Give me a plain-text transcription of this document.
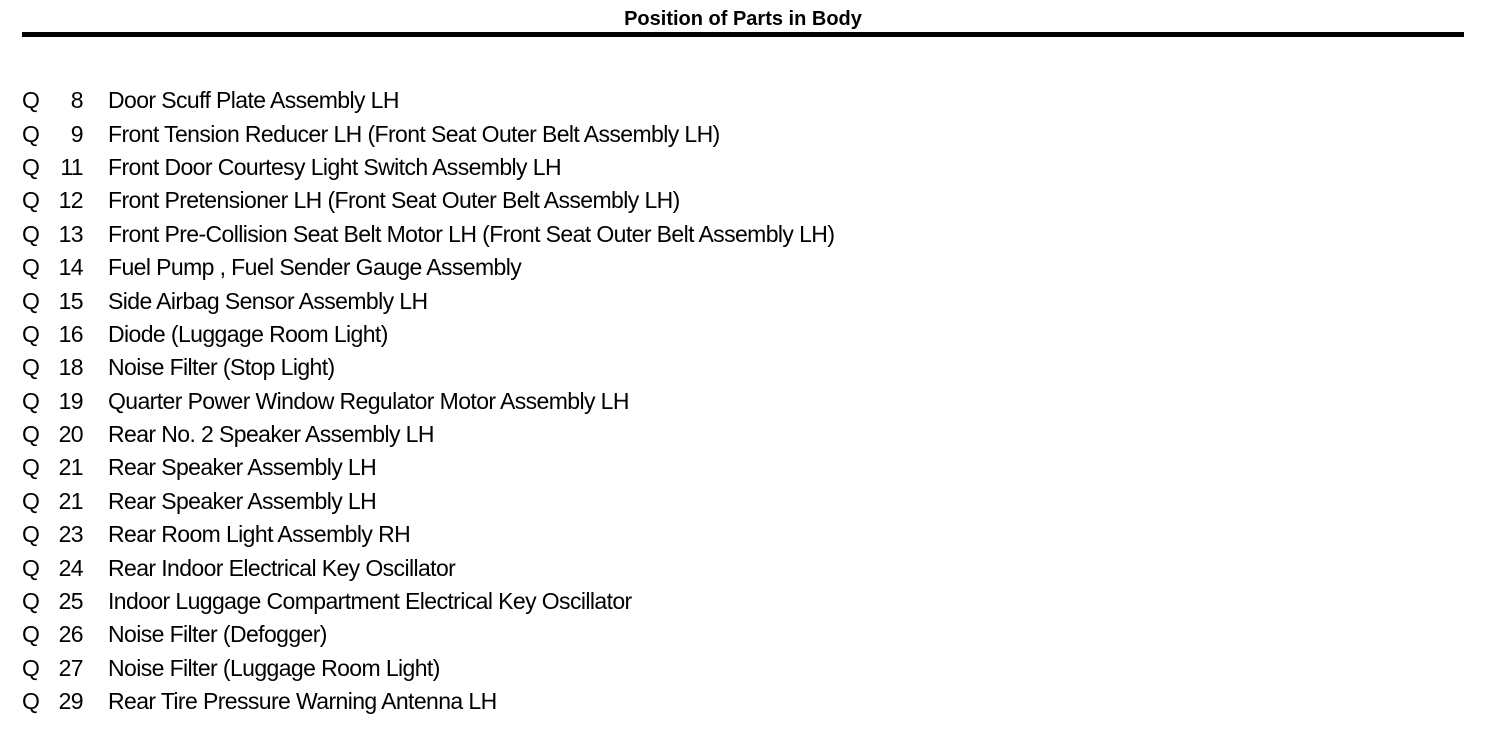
Position of Parts in Body
Q	8 Door Scuff Plate Assembly LH
Q	9 Front Tension Reducer LH (Front Seat Outer Belt Assembly LH)
Q 11 Front Door Courtesy Light Switch Assembly LH
Q 12 Front Pretensioner LH (Front Seat Outer Belt Assembly LH)
Q 13 Front Pre-Collision Seat Belt Motor LH (Front Seat Outer Belt Assembly LH)
Q 14 Fuel Pump , Fuel Sender Gauge Assembly
Q 15 Side Airbag Sensor Assembly LH
Q 16 Diode (Luggage Room Light)
Q 18 Noise Filter (Stop Light)
Q 19 Quarter Power Window Regulator Motor Assembly LH
Q 20 Rear No. 2 Speaker Assembly LH
Q 21 Rear Speaker Assembly LH
Q 21 Rear Speaker Assembly LH
Q 23 Rear Room Light Assembly RH
Q 24 Rear Indoor Electrical Key Oscillator
Q 25 Indoor Luggage Compartment Electrical Key Oscillator
Q 26 Noise Filter (Defogger)
Q 27 Noise Filter (Luggage Room Light)
Q 29 Rear Tire Pressure Warning Antenna LH
